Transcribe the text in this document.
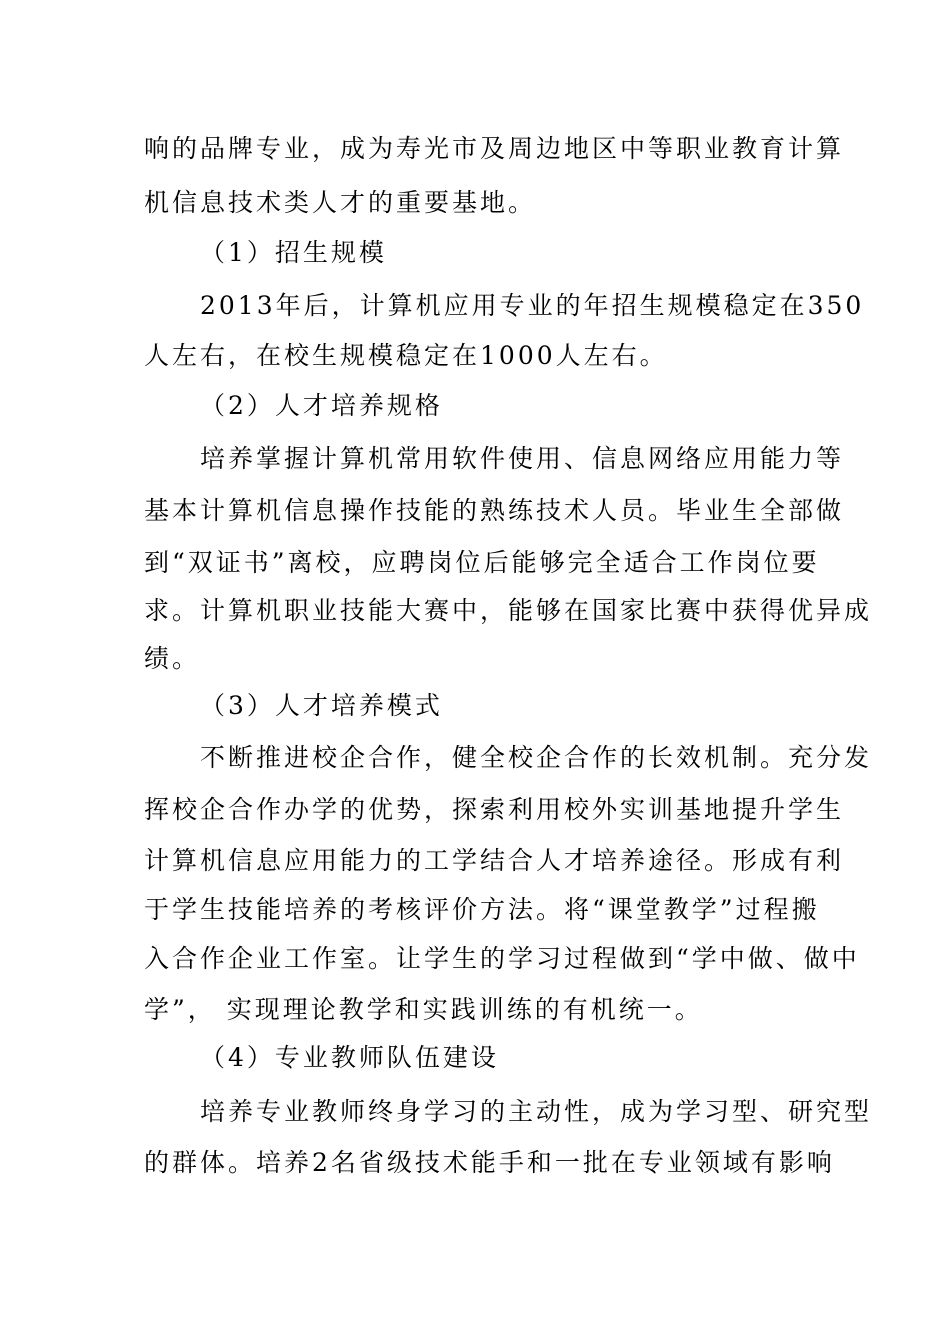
响的品牌专业，成为寿光市及周边地区中等职业教育计算
机信息技术类人才的重要基地。
（1）招生规模
2013年后，计算机应用专业的年招生规模稳定在350
人左右，在校生规模稳定在1000人左右。
（2）人才培养规格
培养掌握计算机常用软件使用、信息网络应用能力等
基本计算机信息操作技能的熟练技术人员。毕业生全部做
到“双证书”离校，应聘岗位后能够完全适合工作岗位要
求。计算机职业技能大赛中，能够在国家比赛中获得优异成
绩。
（3）人才培养模式
不断推进校企合作，健全校企合作的长效机制。充分发
挥校企合作办学的优势，探索利用校外实训基地提升学生
计算机信息应用能力的工学结合人才培养途径。形成有利
于学生技能培养的考核评价方法。将“课堂教学”过程搬
入合作企业工作室。让学生的学习过程做到“学中做、做中
学”， 实现理论教学和实践训练的有机统一。
（4）专业教师队伍建设
培养专业教师终身学习的主动性，成为学习型、研究型
的群体。培养2名省级技术能手和一批在专业领域有影响
